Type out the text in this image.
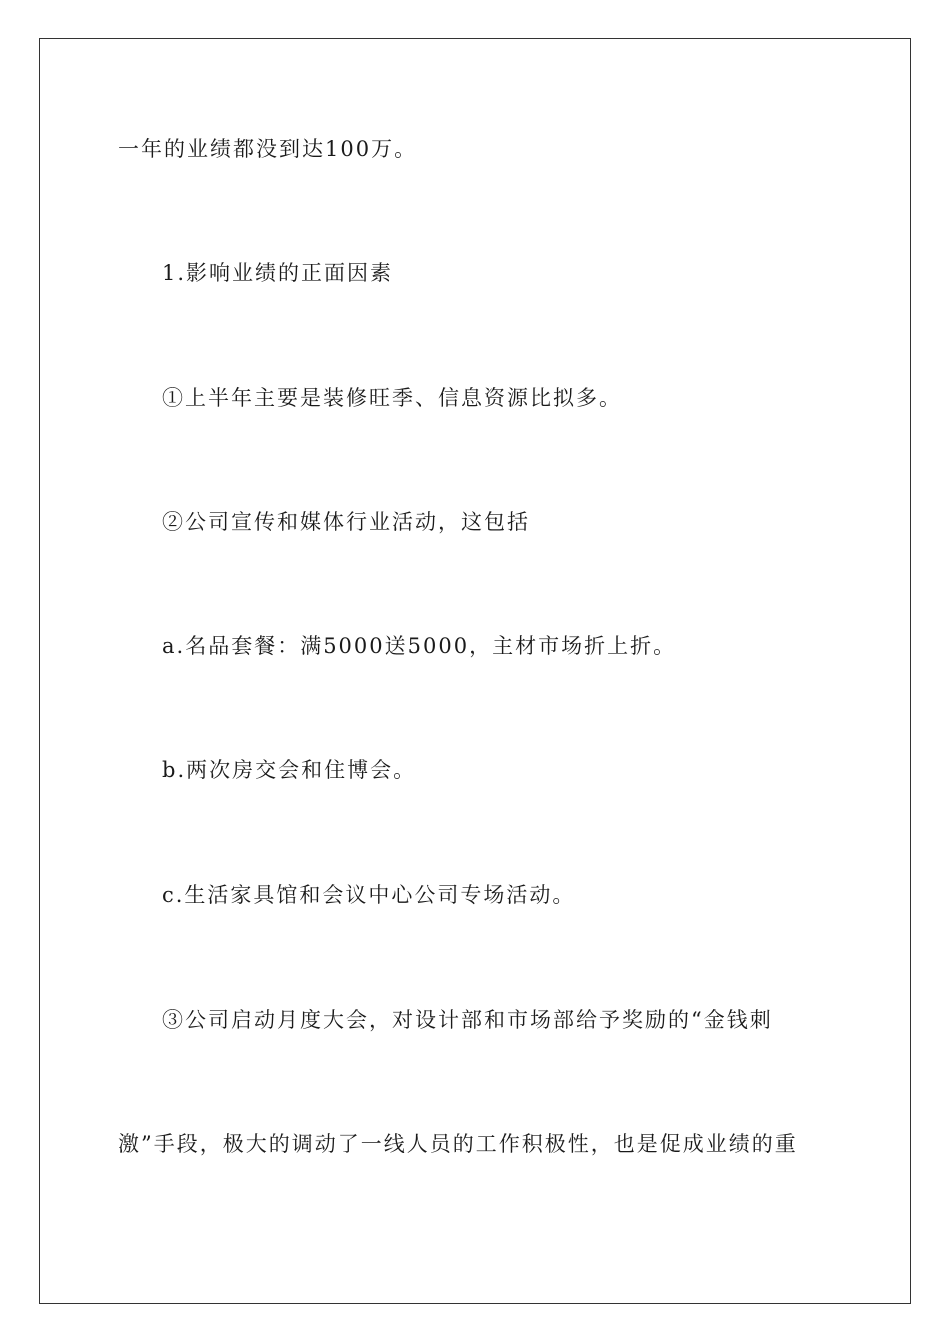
一年的业绩都没到达100万。
1.影响业绩的正面因素
①上半年主要是装修旺季、信息资源比拟多。
②公司宣传和媒体行业活动，这包括
a.名品套餐：满5000送5000，主材市场折上折。
b.两次房交会和住博会。
c.生活家具馆和会议中心公司专场活动。
③公司启动月度大会，对设计部和市场部给予奖励的“金钱刺
激”手段，极大的调动了一线人员的工作积极性，也是促成业绩的重
